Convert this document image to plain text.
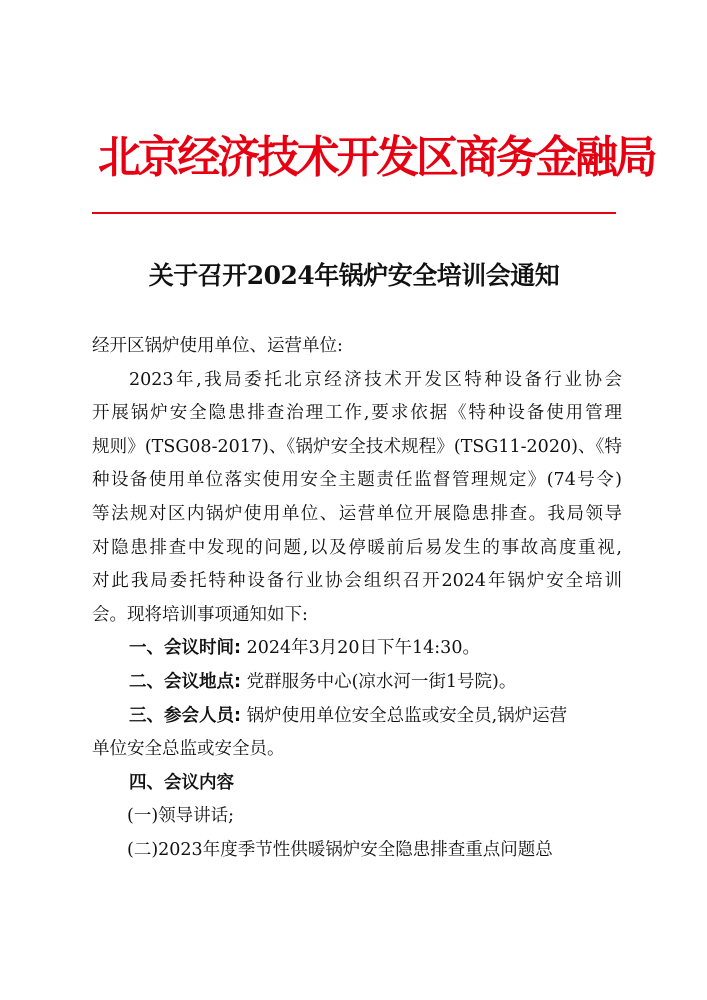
北京经济技术开发区商务金融局
关于召开2024年锅炉安全培训会通知
经开区锅炉使用单位、运营单位:
2023年,我局委托北京经济技术开发区特种设备行业协会
开展锅炉安全隐患排查治理工作,要求依据《特种设备使用管理
规则》(TSG08-2017)、《锅炉安全技术规程》(TSG11-2020)、《特
种设备使用单位落实使用安全主题责任监督管理规定》(74号令)
等法规对区内锅炉使用单位、运营单位开展隐患排查。我局领导
对隐患排查中发现的问题,以及停暖前后易发生的事故高度重视,
对此我局委托特种设备行业协会组织召开2024年锅炉安全培训
会。现将培训事项通知如下:
一、会议时间: 2024年3月20日下午14:30。
二、会议地点: 党群服务中心(凉水河一街1号院)。
三、参会人员: 锅炉使用单位安全总监或安全员,锅炉运营
单位安全总监或安全员。
四、会议内容
(一)领导讲话;
(二)2023年度季节性供暖锅炉安全隐患排查重点问题总
